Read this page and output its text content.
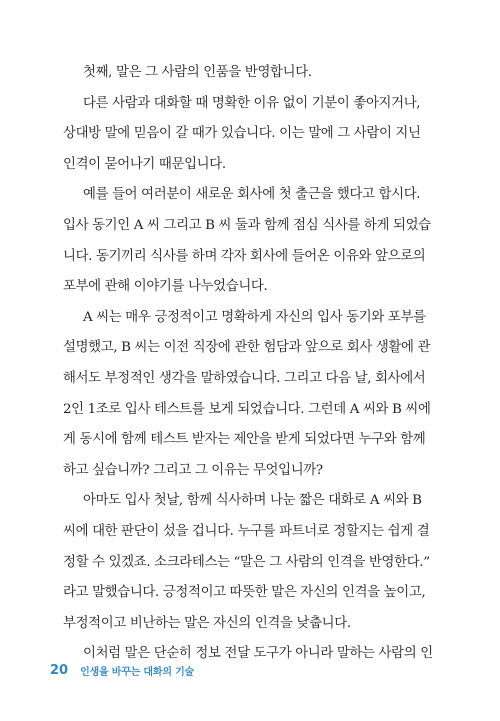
첫째, 말은 그 사람의 인품을 반영합니다.
다른 사람과 대화할 때 명확한 이유 없이 기분이 좋아지거나,
상대방 말에 믿음이 갈 때가 있습니다. 이는 말에 그 사람이 지닌
인격이 묻어나기 때문입니다.
예를 들어 여러분이 새로운 회사에 첫 출근을 했다고 합시다.
입사 동기인 A 씨 그리고 B 씨 둘과 함께 점심 식사를 하게 되었습
니다. 동기끼리 식사를 하며 각자 회사에 들어온 이유와 앞으로의
포부에 관해 이야기를 나누었습니다.
A 씨는 매우 긍정적이고 명확하게 자신의 입사 동기와 포부를
설명했고, B 씨는 이전 직장에 관한 험담과 앞으로 회사 생활에 관
해서도 부정적인 생각을 말하였습니다. 그리고 다음 날, 회사에서
2인 1조로 입사 테스트를 보게 되었습니다. 그런데 A 씨와 B 씨에
게 동시에 함께 테스트 받자는 제안을 받게 되었다면 누구와 함께
하고 싶습니까? 그리고 그 이유는 무엇입니까?
아마도 입사 첫날, 함께 식사하며 나눈 짧은 대화로 A 씨와 B
씨에 대한 판단이 섰을 겁니다. 누구를 파트너로 정할지는 쉽게 결
정할 수 있겠죠. 소크라테스는 “말은 그 사람의 인격을 반영한다.”
라고 말했습니다. 긍정적이고 따뜻한 말은 자신의 인격을 높이고,
부정적이고 비난하는 말은 자신의 인격을 낮춥니다.
이처럼 말은 단순히 정보 전달 도구가 아니라 말하는 사람의 인
20 인생을 바꾸는 대화의 기술
